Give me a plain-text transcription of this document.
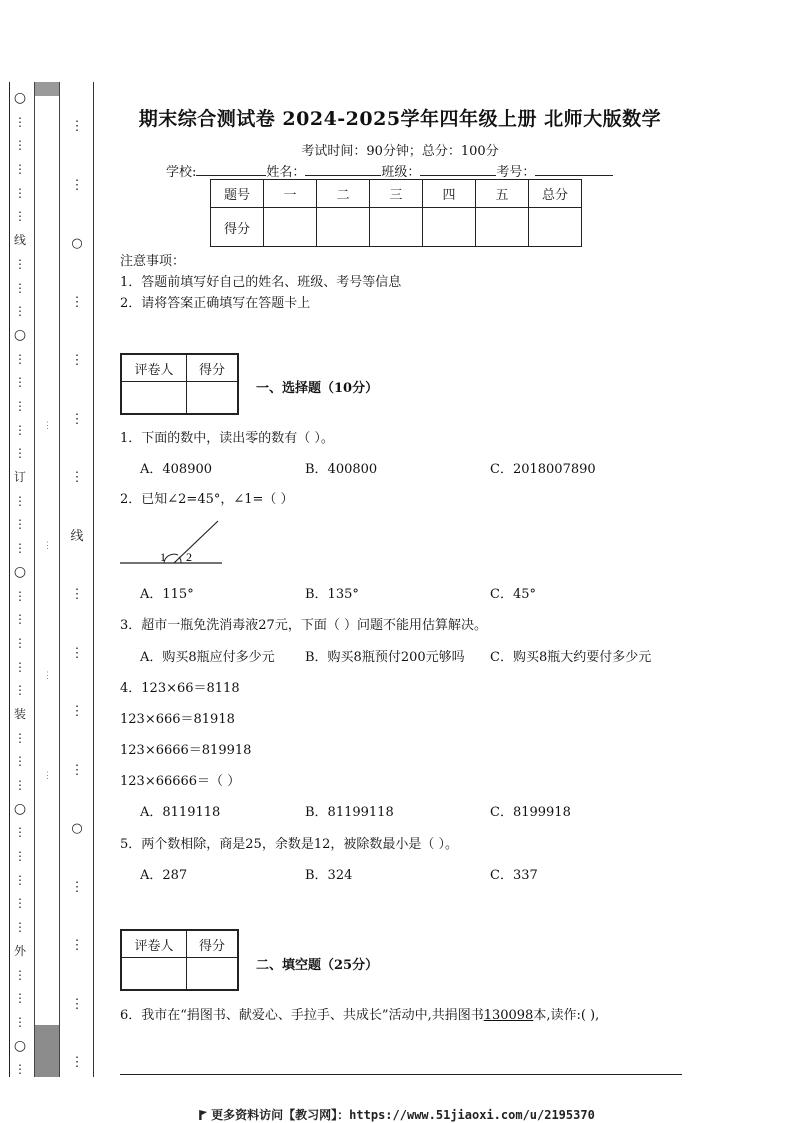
○
⋮
⋮
⋮
⋮
⋮
线
⋮
⋮
⋮
○
⋮
⋮
⋮
⋮
⋮
订
⋮
⋮
⋮
○
⋮
⋮
⋮
⋮
⋮
装
⋮
⋮
⋮
○
⋮
⋮
⋮
⋮
⋮
外
⋮
⋮
⋮
○
⋮
⋮
⋮
⋮
⋮
⋮
⋮
○
⋮
⋮
⋮
⋮
线
⋮
⋮
⋮
⋮
○
⋮
⋮
⋮
⋮
期末综合测试卷 2024-2025学年四年级上册 北师大版数学
考试时间：90分钟；总分：100分
学校:	姓名：	班级：	考号：
题号	一	二	三	四	五	总分
得分						
注意事项：
1．答题前填写好自己的姓名、班级、考号等信息
2．请将答案正确填写在答题卡上
评卷人	得分

一、选择题（10分）
1．下面的数中，读出零的数有（ ）。
A．408900	B．400800	C．2018007890
2．已知∠2=45°，∠1=（ ）
1 2
A．115°	B．135°	C．45°
3．超市一瓶免洗消毒液27元，下面（ ）问题不能用估算解决。
A．购买8瓶应付多少元 B．购买8瓶预付200元够吗 C．购买8瓶大约要付多少元
4．123×66＝8118
123×666＝81918
123×6666＝819918
123×66666＝（ ）
A．8119118	B．81199118	C．8199918
5．两个数相除，商是25，余数是12，被除数最小是（ ）。
A．287	B．324	C．337
评卷人	得分

二、填空题（25分）
6．我市在“捐图书、献爱心、手拉手、共成长”活动中,共捐图书130098本,读作:( ),
更多资料访问【教习网】：https://www.51jiaoxi.com/u/2195370
